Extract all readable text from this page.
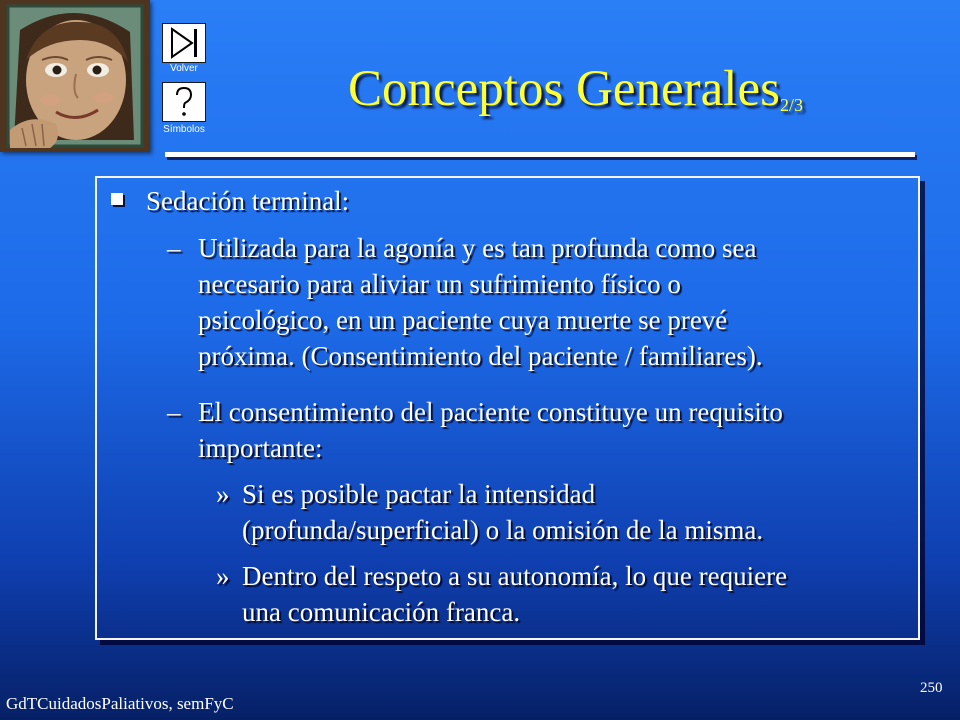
Volver
Símbolos
Conceptos Generales$_{2/3}$
Sedación terminal:
– Utilizada para la agonía y es tan profunda como sea
necesario para aliviar un sufrimiento físico o
psicológico, en un paciente cuya muerte se prevé
próxima. (Consentimiento del paciente / familiares).
– El consentimiento del paciente constituye un requisito
importante:
» Si es posible pactar la intensidad
(profunda/superficial) o la omisión de la misma.
» Dentro del respeto a su autonomía, lo que requiere
una comunicación franca.
GdTCuidadosPaliativos, semFyC
250
